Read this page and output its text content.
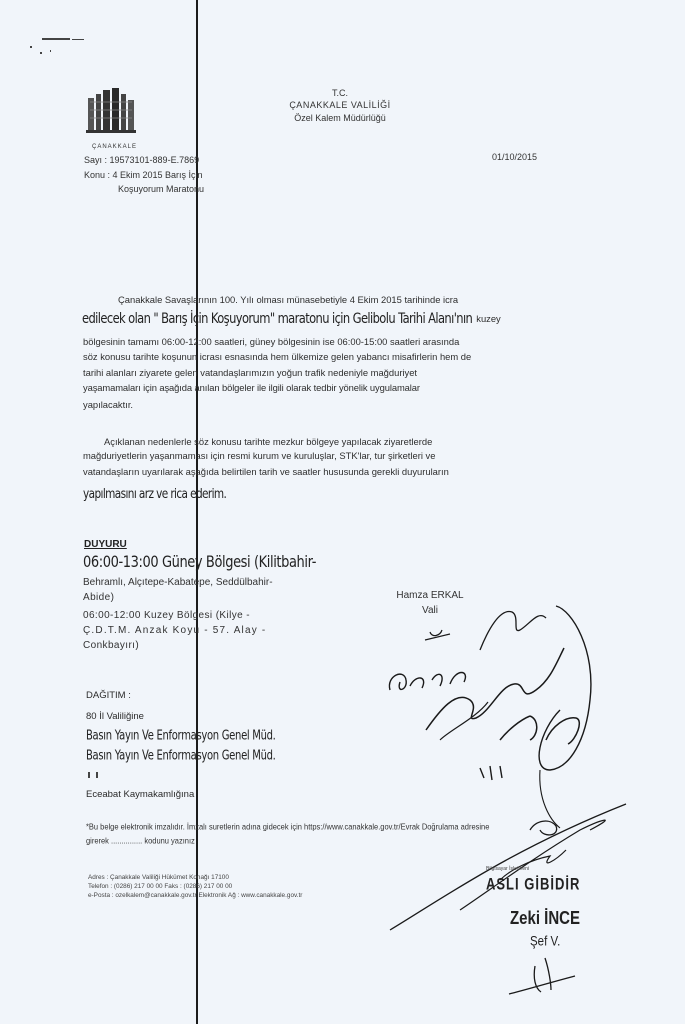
ÇANAKKALE
T.C.
ÇANAKKALE VALİLİĞİ
Özel Kalem Müdürlüğü
Sayı : 19573101-889-E.7869
Konu : 4 Ekim 2015 Barış İçin
Koşuyorum Maratonu
01/10/2015
Çanakkale Savaşlarının 100. Yılı olması münasebetiyle 4 Ekim 2015 tarihinde icra
edilecek olan " Barış İçin Koşuyorum" maratonu için Gelibolu Tarihi Alanı'nın kuzey
bölgesinin tamamı 06:00-12:00 saatleri, güney bölgesinin ise 06:00-15:00 saatleri arasında
söz konusu tarihte koşunun icrası esnasında hem ülkemize gelen yabancı misafirlerin hem de
tarihi alanları ziyarete gelen vatandaşlarımızın yoğun trafik nedeniyle mağduriyet
yaşamamaları için aşağıda anılan bölgeler ile ilgili olarak tedbir yönelik uygulamalar
yapılacaktır.
Açıklanan nedenlerle söz konusu tarihte mezkur bölgeye yapılacak ziyaretlerde
mağduriyetlerin yaşanmaması için resmi kurum ve kuruluşlar, STK'lar, tur şirketleri ve
vatandaşların uyarılarak aşağıda belirtilen tarih ve saatler hususunda gerekli duyuruların
yapılmasını arz ve rica ederim.
DUYURU
06:00-13:00 Güney Bölgesi (Kilitbahir-
Behramlı, Alçıtepe-Kabatepe, Seddülbahir-
Abide)
06:00-12:00 Kuzey Bölgesi (Kilye -
Ç.D.T.M. Anzak Koyu - 57. Alay -
Conkbayırı)
Hamza ERKAL
Vali
DAĞITIM :
80 İl Valiliğine
Basın Yayın Ve Enformasyon Genel Müd.
Basın Yayın Ve Enformasyon Genel Müd.
Eceabat Kaymakamlığına
*Bu belge elektronik imzalıdır. İmzalı suretlerin adına gidecek için https://www.canakkale.gov.tr/Evrak Doğrulama adresine
girerek ............... kodunu yazınız
Adres : Çanakkale Valiliği Hükümet Konağı 17100
Telefon : (0286) 217 00 00 Faks : (0286) 217 00 00
e-Posta : ozelkalem@canakkale.gov.tr Elektronik Ağ : www.canakkale.gov.tr
Bilgisayar İşletmeni
ASLI GİBİDİR
Zeki İNCE
Şef V.
